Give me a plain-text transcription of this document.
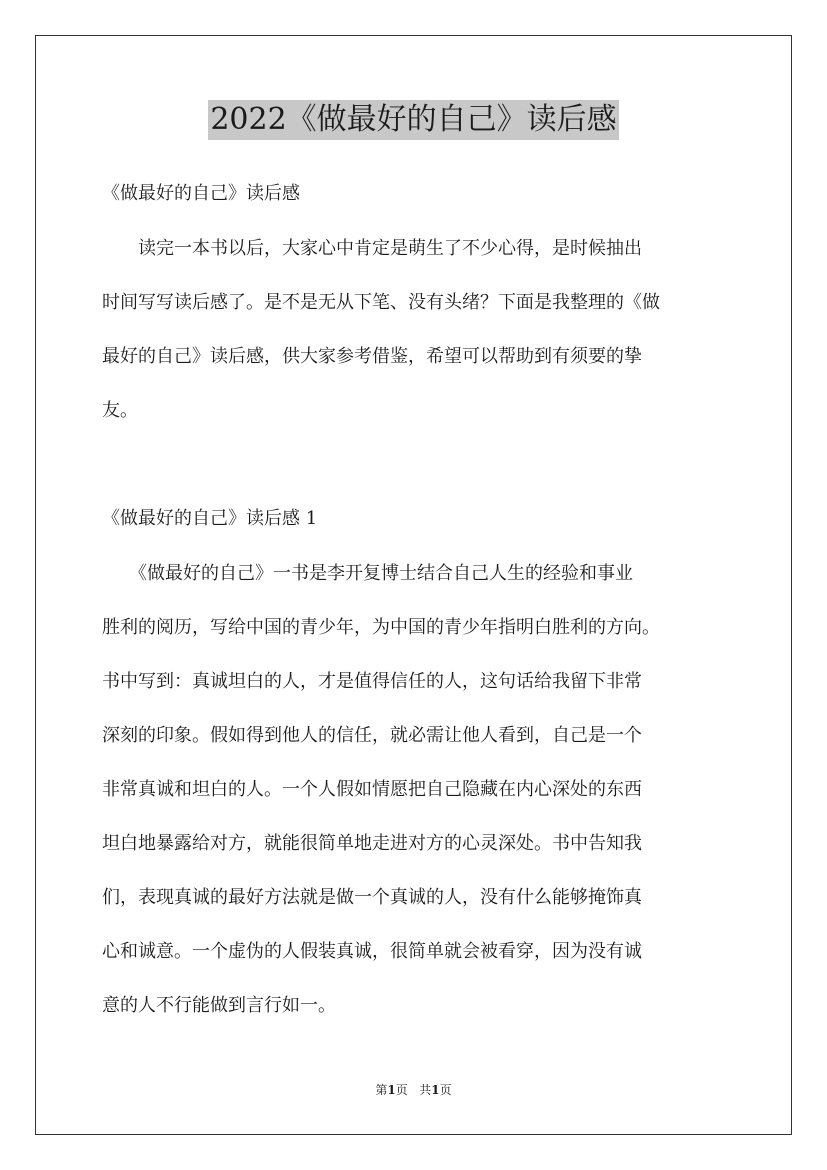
2022《做最好的自己》读后感
《做最好的自己》读后感
　　读完一本书以后，大家心中肯定是萌生了不少心得，是时候抽出
时间写写读后感了。是不是无从下笔、没有头绪？下面是我整理的《做
最好的自己》读后感，供大家参考借鉴，希望可以帮助到有须要的挚
友。
《做最好的自己》读后感 1
　　《做最好的自己》一书是李开复博士结合自己人生的经验和事业
胜利的阅历，写给中国的青少年，为中国的青少年指明白胜利的方向。
书中写到：真诚坦白的人，才是值得信任的人，这句话给我留下非常
深刻的印象。假如得到他人的信任，就必需让他人看到，自己是一个
非常真诚和坦白的人。一个人假如情愿把自己隐藏在内心深处的东西
坦白地暴露给对方，就能很简单地走进对方的心灵深处。书中告知我
们，表现真诚的最好方法就是做一个真诚的人，没有什么能够掩饰真
心和诚意。一个虚伪的人假装真诚，很简单就会被看穿，因为没有诚
意的人不行能做到言行如一。
第1页 共1页
